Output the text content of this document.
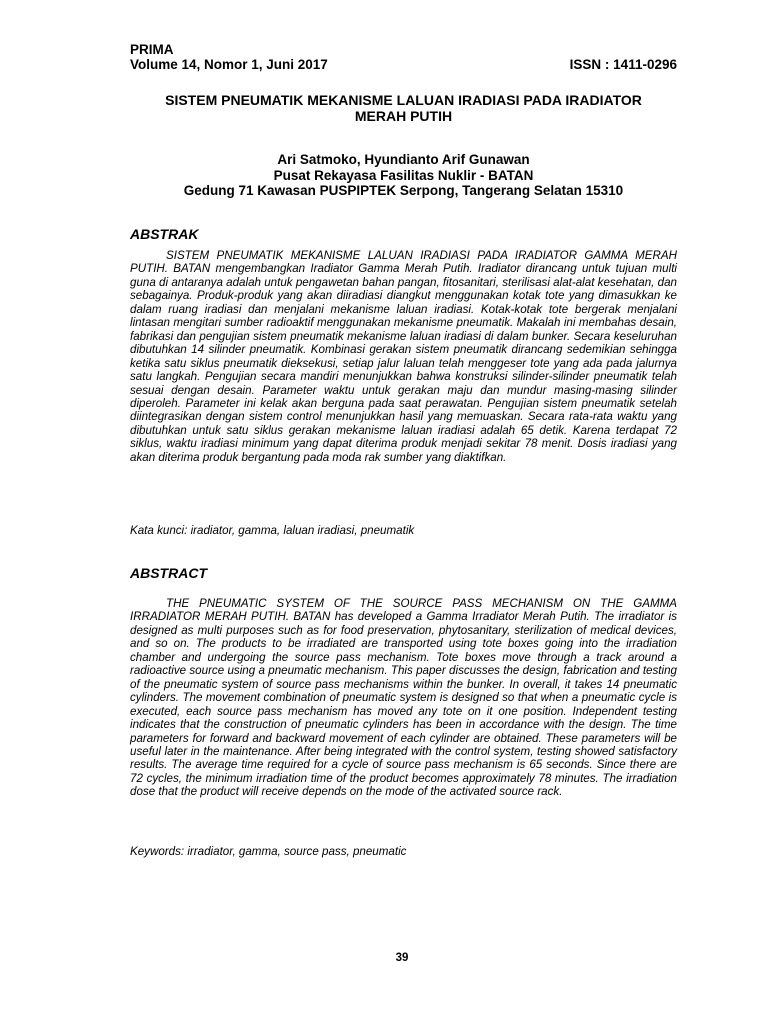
PRIMA
Volume 14, Nomor 1, Juni 2017	ISSN : 1411-0296
SISTEM PNEUMATIK MEKANISME LALUAN IRADIASI PADA IRADIATOR
MERAH PUTIH
Ari Satmoko, Hyundianto Arif Gunawan
Pusat Rekayasa Fasilitas Nuklir - BATAN
Gedung 71 Kawasan PUSPIPTEK Serpong, Tangerang Selatan 15310
ABSTRAK
SISTEM PNEUMATIK MEKANISME LALUAN IRADIASI PADA IRADIATOR GAMMA MERAH PUTIH. BATAN mengembangkan Iradiator Gamma Merah Putih. Iradiator dirancang untuk tujuan multi guna di antaranya adalah untuk pengawetan bahan pangan, fitosanitari, sterilisasi alat-alat kesehatan, dan sebagainya. Produk-produk yang akan diiradiasi diangkut menggunakan kotak tote yang dimasukkan ke dalam ruang iradiasi dan menjalani mekanisme laluan iradiasi. Kotak-kotak tote bergerak menjalani lintasan mengitari sumber radioaktif menggunakan mekanisme pneumatik. Makalah ini membahas desain, fabrikasi dan pengujian sistem pneumatik mekanisme laluan iradiasi di dalam bunker. Secara keseluruhan dibutuhkan 14 silinder pneumatik. Kombinasi gerakan sistem pneumatik dirancang sedemikian sehingga ketika satu siklus pneumatik dieksekusi, setiap jalur laluan telah menggeser tote yang ada pada jalurnya satu langkah. Pengujian secara mandiri menunjukkan bahwa konstruksi silinder-silinder pneumatik telah sesuai dengan desain. Parameter waktu untuk gerakan maju dan mundur masing-masing silinder diperoleh. Parameter ini kelak akan berguna pada saat perawatan. Pengujian sistem pneumatik setelah diintegrasikan dengan sistem control menunjukkan hasil yang memuaskan. Secara rata-rata waktu yang dibutuhkan untuk satu siklus gerakan mekanisme laluan iradiasi adalah 65 detik. Karena terdapat 72 siklus, waktu iradiasi minimum yang dapat diterima produk menjadi sekitar 78 menit. Dosis iradiasi yang akan diterima produk bergantung pada moda rak sumber yang diaktifkan.
Kata kunci: iradiator, gamma, laluan iradiasi, pneumatik
ABSTRACT
THE PNEUMATIC SYSTEM OF THE SOURCE PASS MECHANISM ON THE GAMMA IRRADIATOR MERAH PUTIH. BATAN has developed a Gamma Irradiator Merah Putih. The irradiator is designed as multi purposes such as for food preservation, phytosanitary, sterilization of medical devices, and so on. The products to be irradiated are transported using tote boxes going into the irradiation chamber and undergoing the source pass mechanism. Tote boxes move through a track around a radioactive source using a pneumatic mechanism. This paper discusses the design, fabrication and testing of the pneumatic system of source pass mechanisms within the bunker. In overall, it takes 14 pneumatic cylinders. The movement combination of pneumatic system is designed so that when a pneumatic cycle is executed, each source pass mechanism has moved any tote on it one position. Independent testing indicates that the construction of pneumatic cylinders has been in accordance with the design. The time parameters for forward and backward movement of each cylinder are obtained. These parameters will be useful later in the maintenance. After being integrated with the control system, testing showed satisfactory results. The average time required for a cycle of source pass mechanism is 65 seconds. Since there are 72 cycles, the minimum irradiation time of the product becomes approximately 78 minutes. The irradiation dose that the product will receive depends on the mode of the activated source rack.
Keywords: irradiator, gamma, source pass, pneumatic
39
